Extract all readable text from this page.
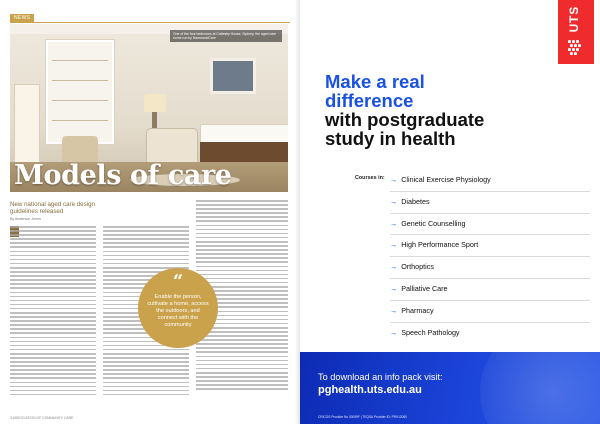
NEWS
One of the four bedrooms at Cottesby House, Sydney, the aged care home run by HammondCare
Models of care
New national aged care design guidelines released
By Anderson Jones
“
Enable the person, cultivate a home, access the outdoors, and connect with the community
3 ASSOCIATION OF COMMUNITY CARE
UTS
Make a real
difference
with postgraduate
study in health
Courses in: → Clinical Exercise Physiology
→ Diabetes
→ Genetic Counselling
→ High Performance Sport
→ Orthoptics
→ Palliative Care
→ Pharmacy
→ Speech Pathology
To download an info pack visit:
pghealth.uts.edu.au
CRICOS Provider No 00099F | TEQSA Provider ID: PRV12060
